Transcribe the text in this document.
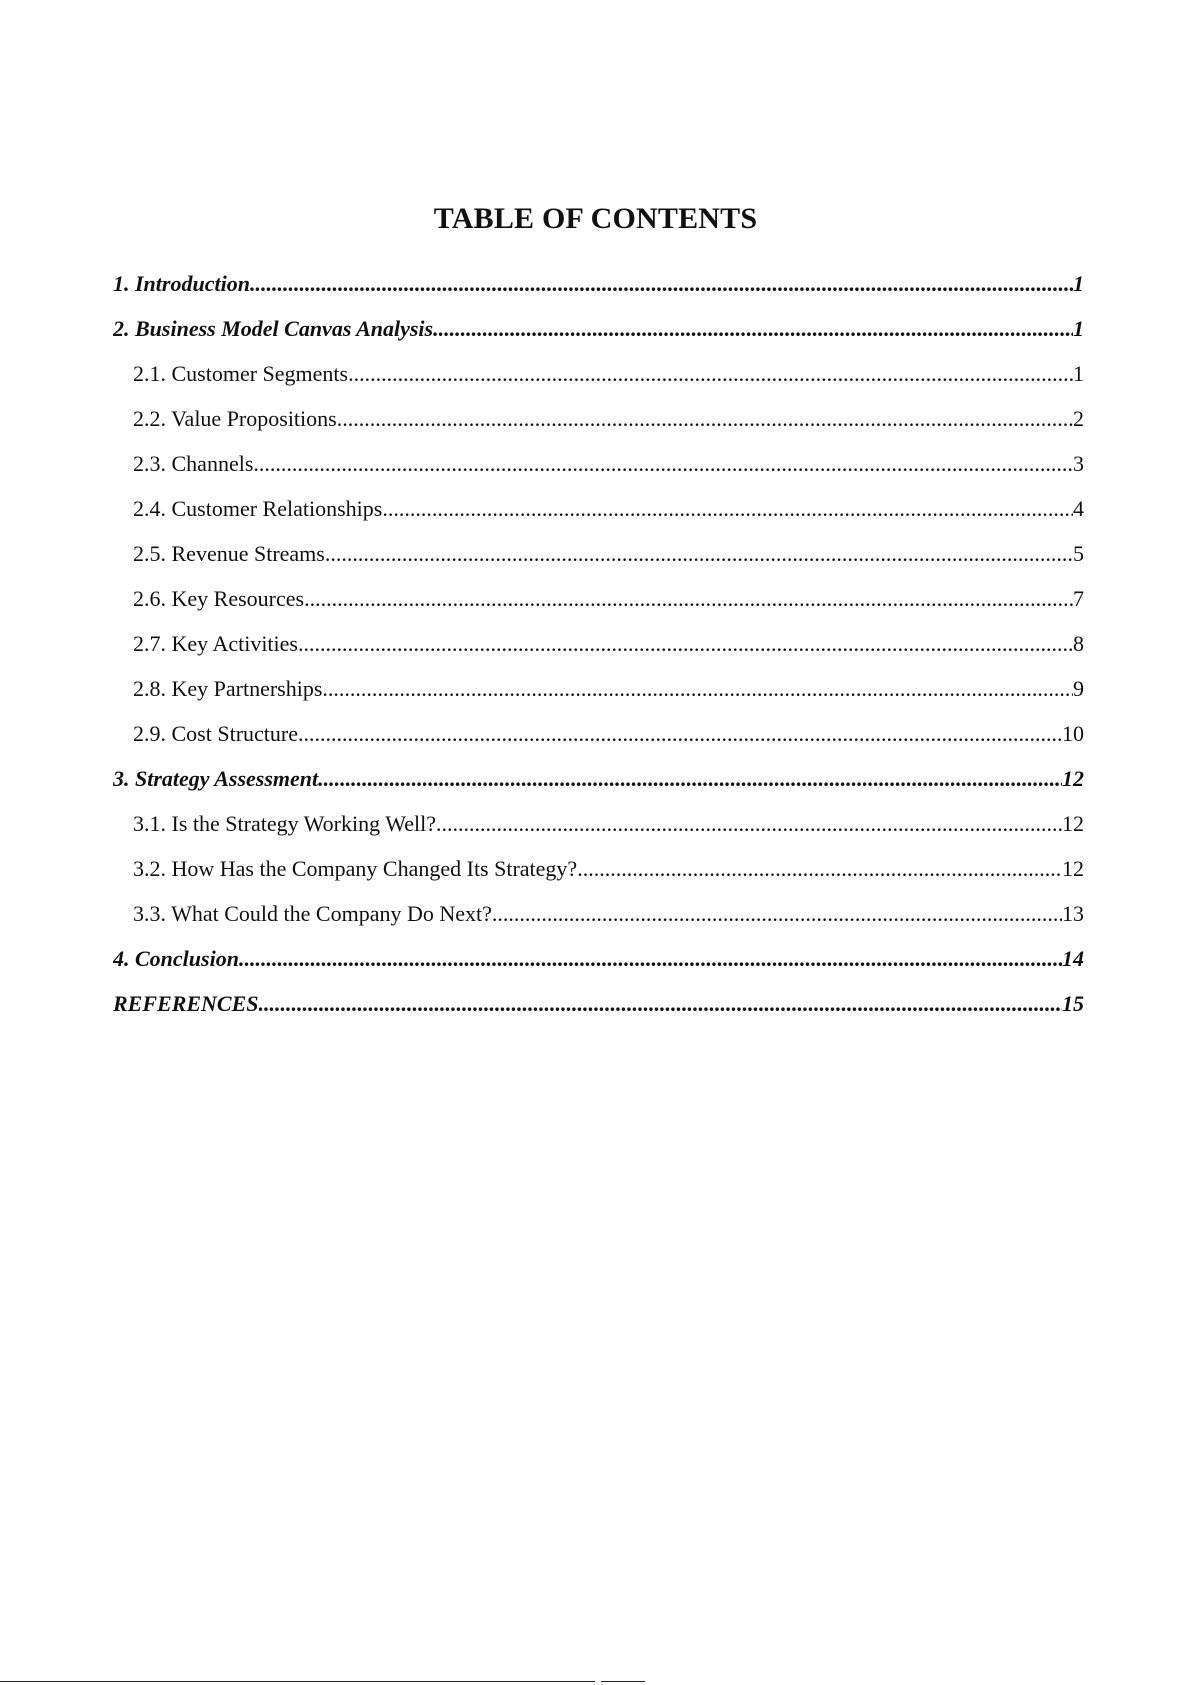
TABLE OF CONTENTS
1. Introduction .....	1
2. Business Model Canvas Analysis .....	1
2.1. Customer Segments .....	1
2.2. Value Propositions .....	2
2.3. Channels .....	3
2.4. Customer Relationships .....	4
2.5. Revenue Streams .....	5
2.6. Key Resources .....	7
2.7. Key Activities .....	8
2.8. Key Partnerships .....	9
2.9. Cost Structure .....	10
3. Strategy Assessment .....	12
3.1. Is the Strategy Working Well? .....	12
3.2. How Has the Company Changed Its Strategy? .....	12
3.3. What Could the Company Do Next? .....	13
4. Conclusion .....	14
REFERENCES .....	15
